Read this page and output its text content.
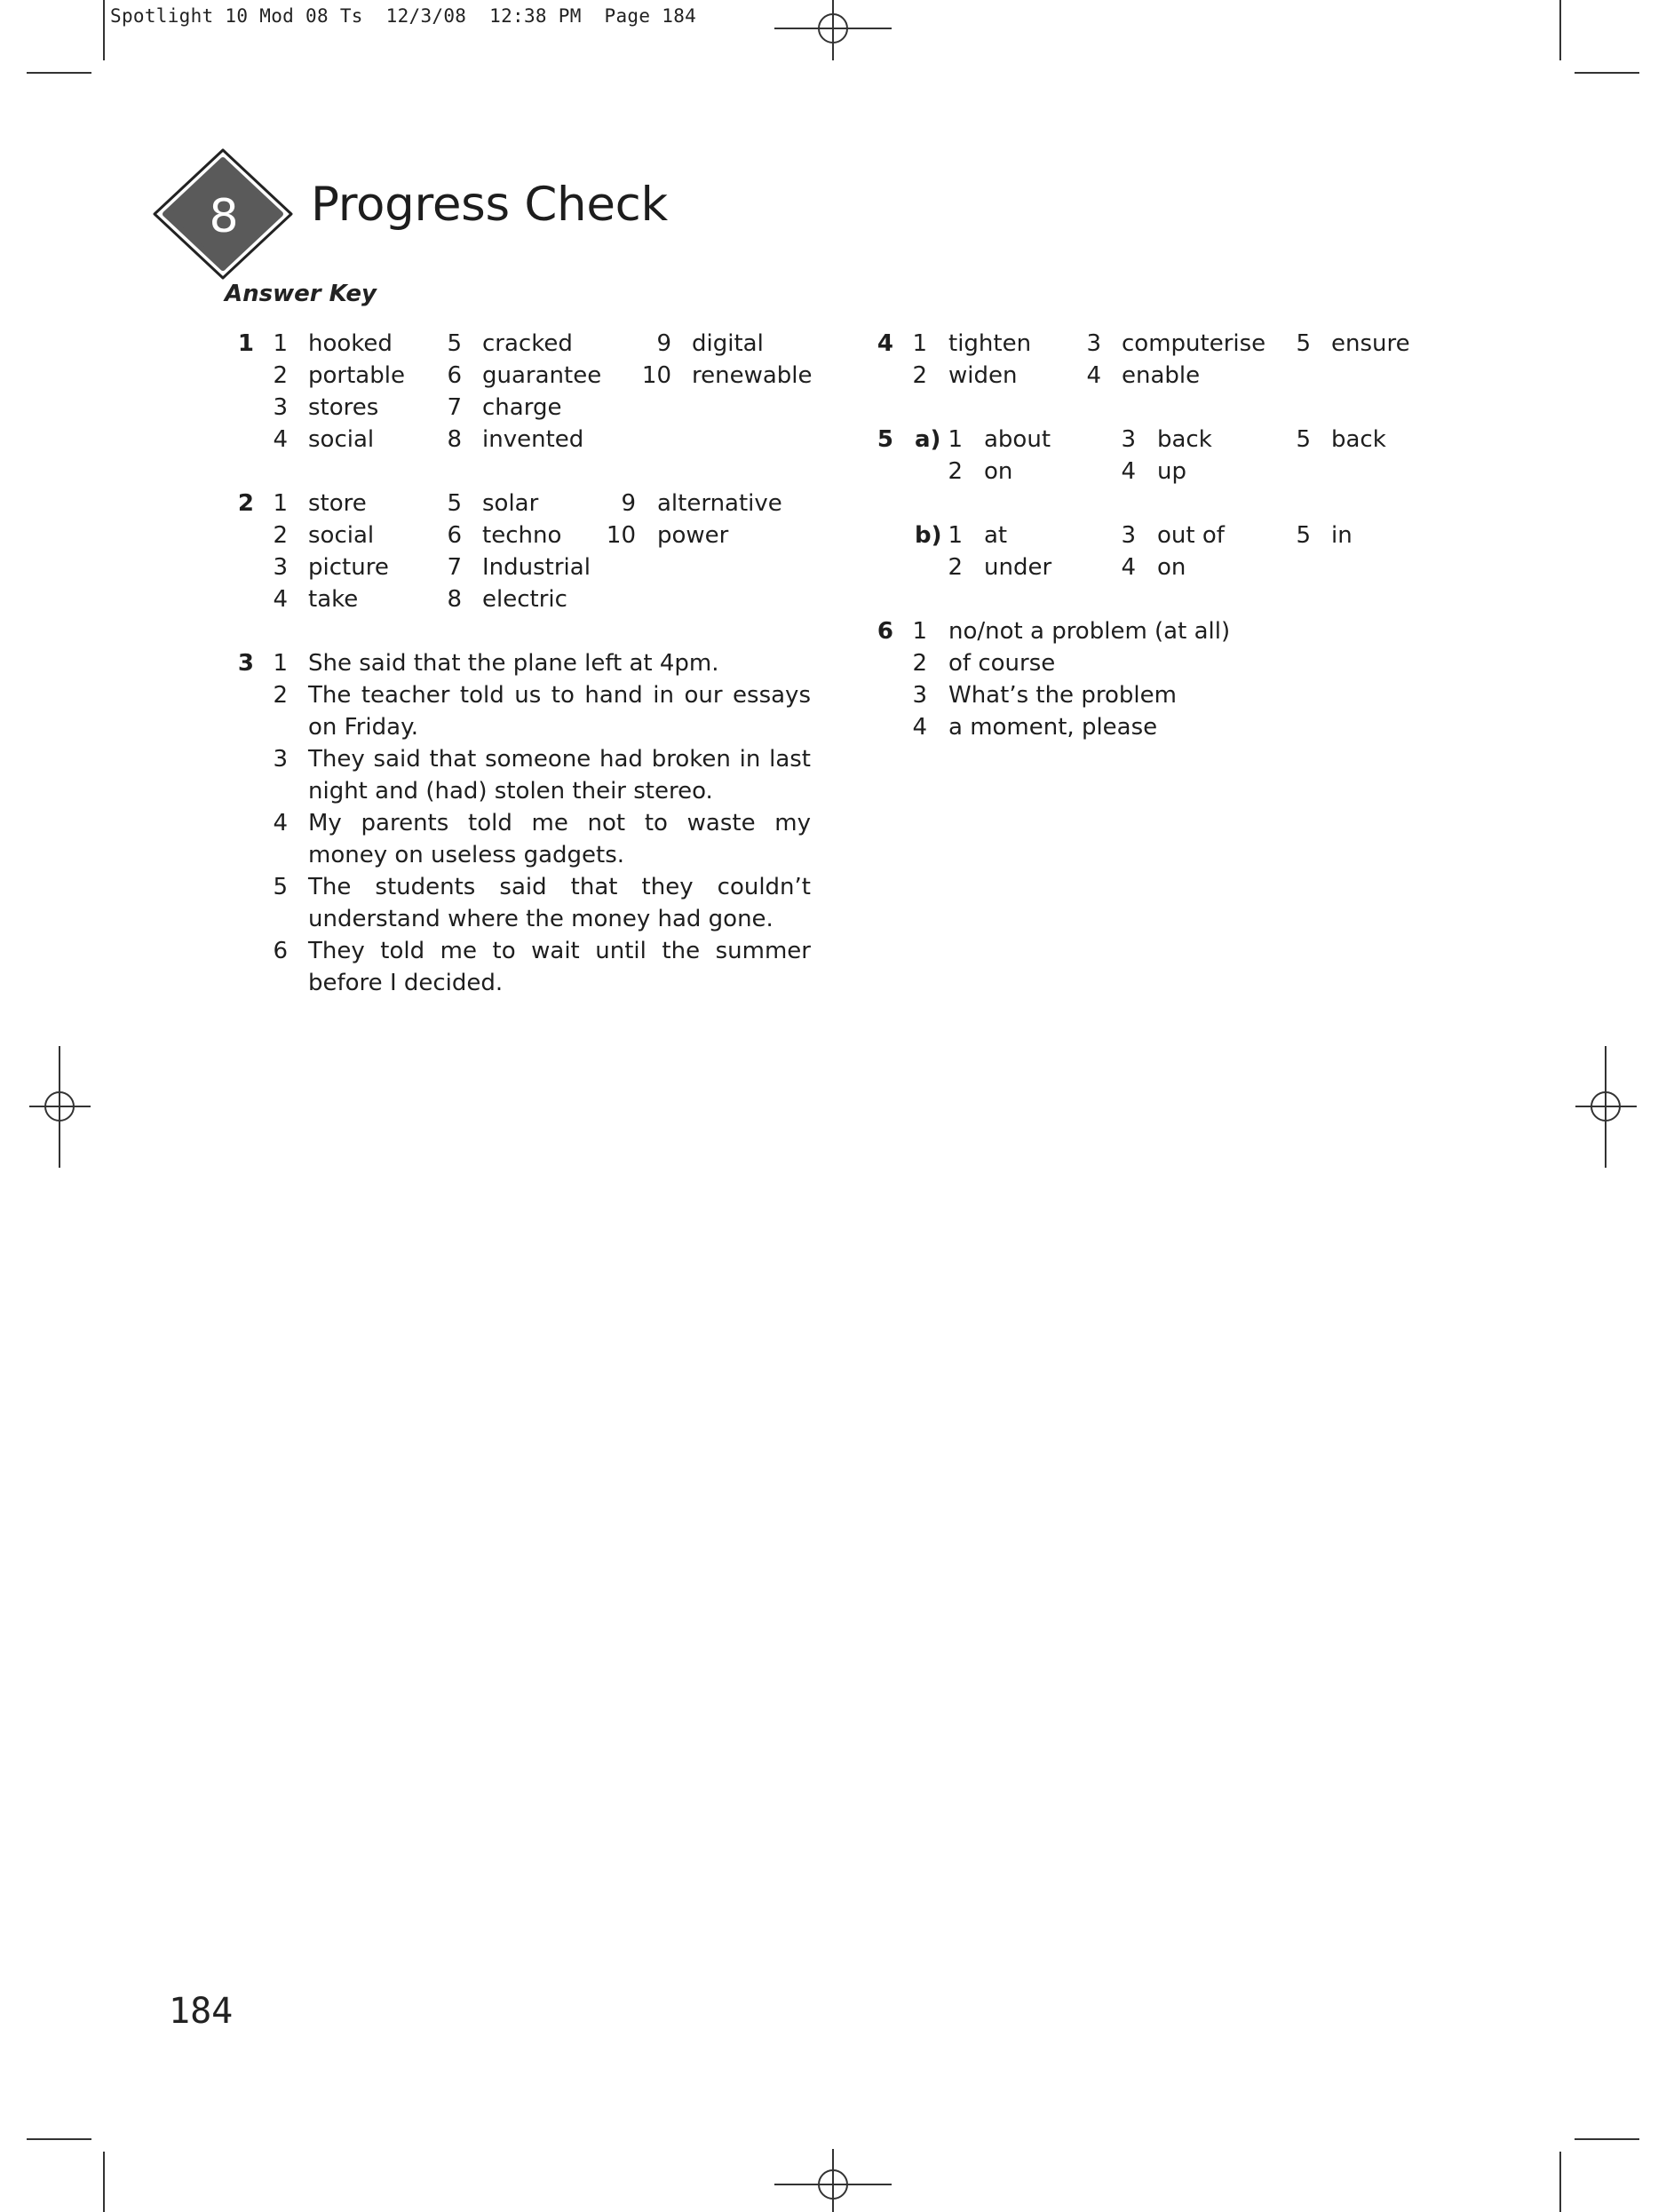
Spotlight 10 Mod 08 Ts  12/3/08  12:38 PM  Page 184
8 Progress Check
Answer Key
1 1 hooked
2 portable
3 stores
4 social
5 cracked
6 guarantee
7 charge
8 invented
9 digital
10 renewable
2 1 store
2 social
3 picture
4 take
5 solar
6 techno
7 Industrial
8 electric
9 alternative
10 power
3 1 She said that the plane left at 4pm.
2 The teacher told us to hand in our essays on Friday.
3 They said that someone had broken in last night and (had) stolen their stereo.
4 My parents told me not to waste my money on useless gadgets.
5 The students said that they couldn’t understand where the money had gone.
6 They told me to wait until the summer before I decided.
4 1 tighten
2 widen
3 computerise
4 enable
5 ensure
5 a) 1 about
2 on
3 back
4 up
5 back
b) 1 at
2 under
3 out of
4 on
5 in
6 1 no/not a problem (at all)
2 of course
3 What’s the problem
4 a moment, please
184
